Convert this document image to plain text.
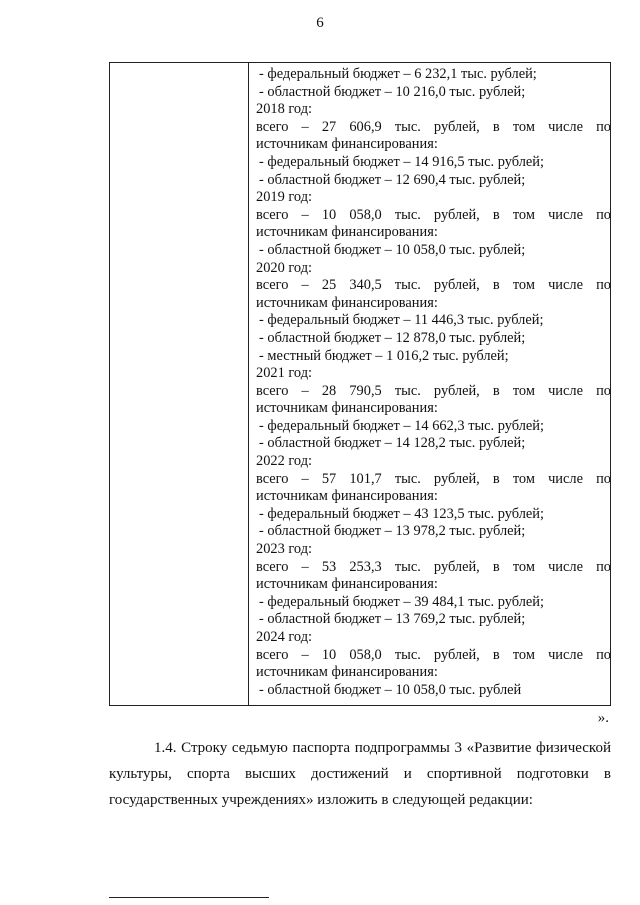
6
- федеральный бюджет – 6 232,1 тыс. рублей;
- областной бюджет – 10 216,0 тыс. рублей;
2018 год:
всего – 27 606,9 тыс. рублей, в том числе по
источникам финансирования:
- федеральный бюджет – 14 916,5 тыс. рублей;
- областной бюджет – 12 690,4 тыс. рублей;
2019 год:
всего – 10 058,0 тыс. рублей, в том числе по
источникам финансирования:
- областной бюджет – 10 058,0 тыс. рублей;
2020 год:
всего – 25 340,5 тыс. рублей, в том числе по
источникам финансирования:
- федеральный бюджет – 11 446,3 тыс. рублей;
- областной бюджет – 12 878,0 тыс. рублей;
- местный бюджет – 1 016,2 тыс. рублей;
2021 год:
всего – 28 790,5 тыс. рублей, в том числе по
источникам финансирования:
- федеральный бюджет – 14 662,3 тыс. рублей;
- областной бюджет – 14 128,2 тыс. рублей;
2022 год:
всего – 57 101,7 тыс. рублей, в том числе по
источникам финансирования:
- федеральный бюджет – 43 123,5 тыс. рублей;
- областной бюджет – 13 978,2 тыс. рублей;
2023 год:
всего – 53 253,3 тыс. рублей, в том числе по
источникам финансирования:
- федеральный бюджет – 39 484,1 тыс. рублей;
- областной бюджет – 13 769,2 тыс. рублей;
2024 год:
всего – 10 058,0 тыс. рублей, в том числе по
источникам финансирования:
- областной бюджет – 10 058,0 тыс. рублей
».
1.4. Строку седьмую паспорта подпрограммы 3 «Развитие физической
культуры, спорта высших достижений и спортивной подготовки в
государственных учреждениях» изложить в следующей редакции:
